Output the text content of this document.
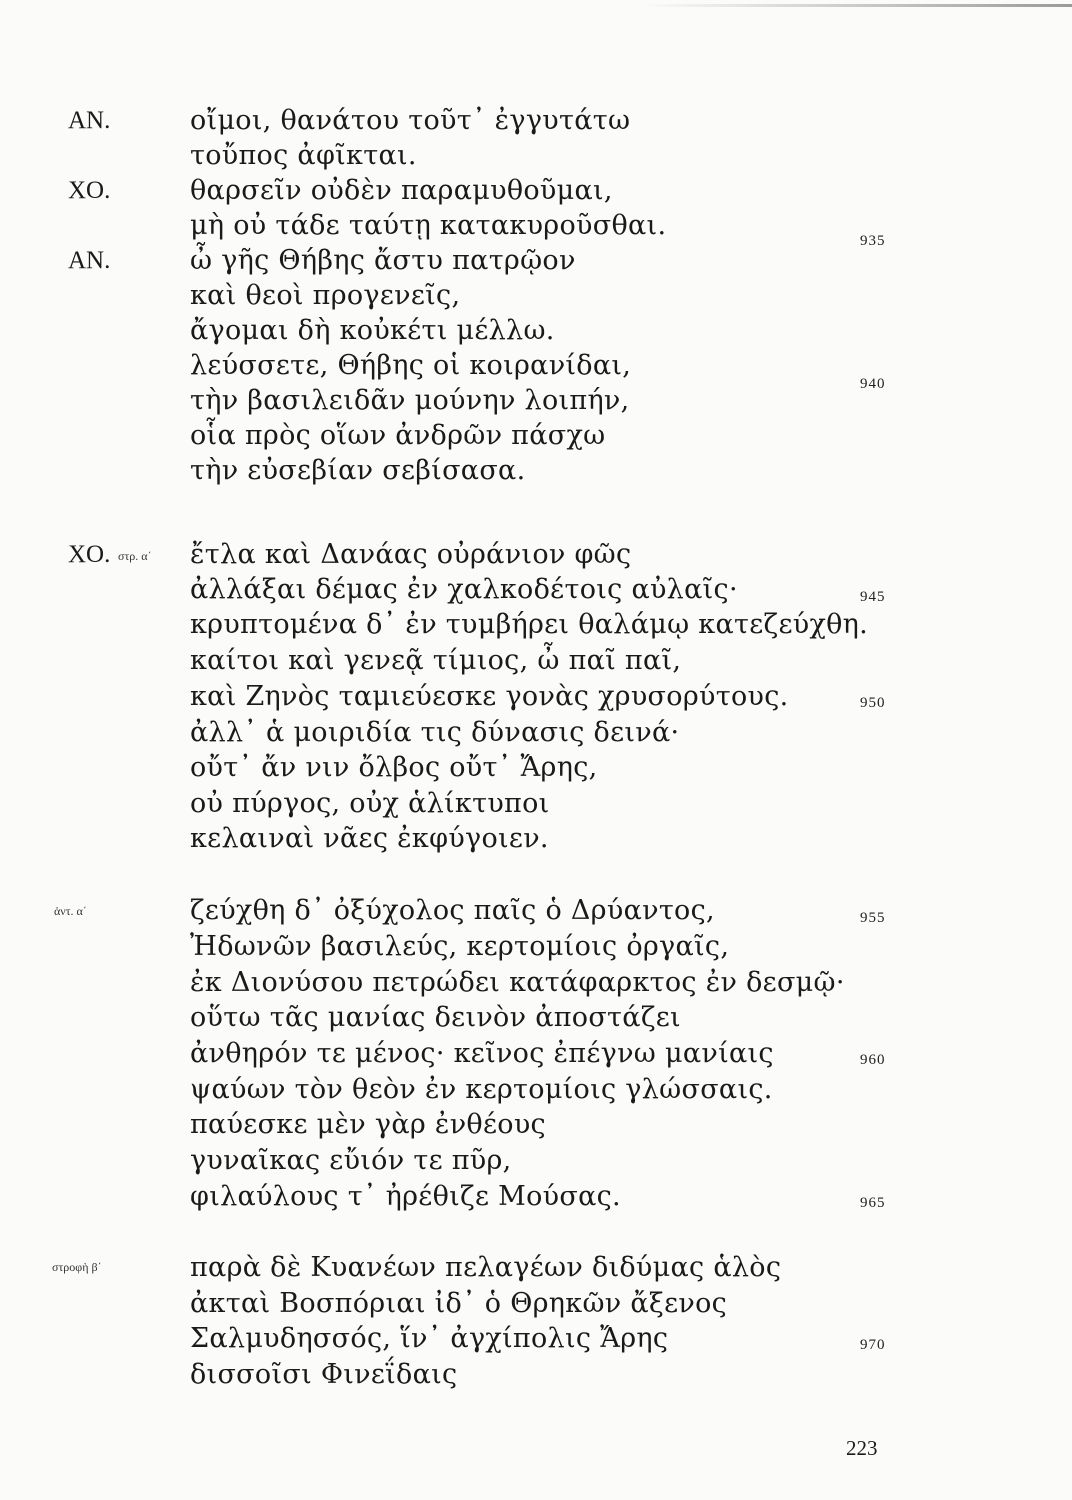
ΑΝ.
ΧΟ.
ΑΝ.
ΧΟ. στρ. α΄
ἀντ. α΄
στροφὴ β΄
οἴμοι, θανάτου τοῦτ᾽ ἐγγυτάτω
τοὔπος ἀφῖκται.
θαρσεῖν οὐδὲν παραμυθοῦμαι,
μὴ οὐ τάδε ταύτῃ κατακυροῦσθαι.
ὦ γῆς Θήβης ἄστυ πατρῷον
καὶ θεοὶ προγενεῖς,
ἄγομαι δὴ κοὐκέτι μέλλω.
λεύσσετε, Θήβης οἱ κοιρανίδαι,
τὴν βασιλειδᾶν μούνην λοιπήν,
οἷα πρὸς οἵων ἀνδρῶν πάσχω
τὴν εὐσεβίαν σεβίσασα.
ἔτλα καὶ Δανάας οὐράνιον φῶς
ἀλλάξαι δέμας ἐν χαλκοδέτοις αὐλαῖς·
κρυπτομένα δ᾽ ἐν τυμβήρει θαλάμῳ κατεζεύχθη.
καίτοι καὶ γενεᾷ τίμιος, ὦ παῖ παῖ,
καὶ Ζηνὸς ταμιεύεσκε γονὰς χρυσορύτους.
ἀλλ᾽ ἁ μοιριδία τις δύνασις δεινά·
οὔτ᾽ ἄν νιν ὄλβος οὔτ᾽ Ἄρης,
οὐ πύργος, οὐχ ἁλίκτυποι
κελαιναὶ νᾶες ἐκφύγοιεν.
ζεύχθη δ᾽ ὀξύχολος παῖς ὁ Δρύαντος,
Ἠδωνῶν βασιλεύς, κερτομίοις ὀργαῖς,
ἐκ Διονύσου πετρώδει κατάφαρκτος ἐν δεσμῷ·
οὕτω τᾶς μανίας δεινὸν ἀποστάζει
ἀνθηρόν τε μένος· κεῖνος ἐπέγνω μανίαις
ψαύων τὸν θεὸν ἐν κερτομίοις γλώσσαις.
παύεσκε μὲν γὰρ ἐνθέους
γυναῖκας εὔιόν τε πῦρ,
φιλαύλους τ᾽ ἠρέθιζε Μούσας.
παρὰ δὲ Κυανέων πελαγέων διδύμας ἁλὸς
ἀκταὶ Βοσπόριαι ἰδ᾽ ὁ Θρηκῶν ἄξενος
Σαλμυδησσός, ἵν᾽ ἀγχίπολις Ἄρης
δισσοῖσι Φινεΐδαις
935
940
945
950
955
960
965
970
223
